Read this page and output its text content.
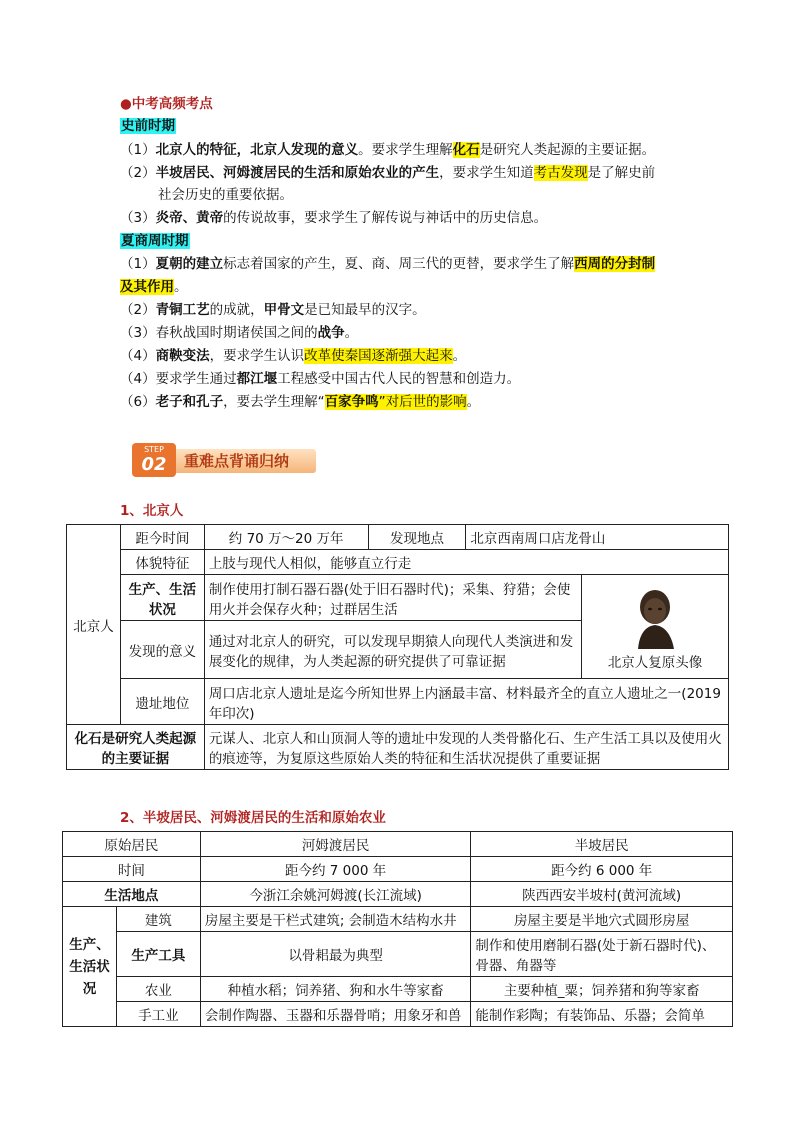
●中考高频考点
史前时期
（1）北京人的特征，北京人发现的意义。要求学生理解化石是研究人类起源的主要证据。
（2）半坡居民、河姆渡居民的生活和原始农业的产生，要求学生知道考古发现是了解史前
社会历史的重要依据。
（3）炎帝、黄帝的传说故事，要求学生了解传说与神话中的历史信息。
夏商周时期
（1）夏朝的建立标志着国家的产生，夏、商、周三代的更替，要求学生了解西周的分封制
及其作用。
（2）青铜工艺的成就，甲骨文是已知最早的汉字。
（3）春秋战国时期诸侯国之间的战争。
（4）商鞅变法，要求学生认识改革使秦国逐渐强大起来。
（4）要求学生通过都江堰工程感受中国古代人民的智慧和创造力。
（6）老子和孔子，要去学生理解“百家争鸣”对后世的影响。
STEP
02	重难点背诵归纳
1、北京人
北京人	距今时间	约 70 万～20 万年	发现地点	北京西南周口店龙骨山	
	体貌特征	上肢与现代人相似，能够直立行走			
	生产、生活状况	制作使用打制石器石器(处于旧石器时代)；采集、狩猎；会使用火并会保存火种；过群居生活			北京人复原头像

	发现的意义	通过对北京人的研究，可以发现早期猿人向现代人类演进和发展变化的规律，为人类起源的研究提供了可靠证据			
	遗址地位	周口店北京人遗址是迄今所知世界上内涵最丰富、材料最齐全的直立人遗址之一(2019 年印次)			
化石是研究人类起源的主要证据		元谋人、北京人和山顶洞人等的遗址中发现的人类骨骼化石、生产生活工具以及使用火的痕迹等，为复原这些原始人类的特征和生活状况提供了重要证据			
2、半坡居民、河姆渡居民的生活和原始农业
原始居民		河姆渡居民	半坡居民
时间		距今约 7 000 年	距今约 6 000 年
生活地点		今浙江余姚河姆渡(长江流域)	陕西西安半坡村(黄河流域)
生产、生活状况	建筑	房屋主要是干栏式建筑; 会制造木结构水井	房屋主要是半地穴式圆形房屋
	生产工具	以骨耜最为典型	制作和使用磨制石器(处于新石器时代)、骨器、角器等
	农业	种植水稻；饲养猪、狗和水牛等家畜	主要种植_粟；饲养猪和狗等家畜
	手工业	会制作陶器、玉器和乐器骨哨；用象牙和兽	能制作彩陶；有装饰品、乐器；会简单
